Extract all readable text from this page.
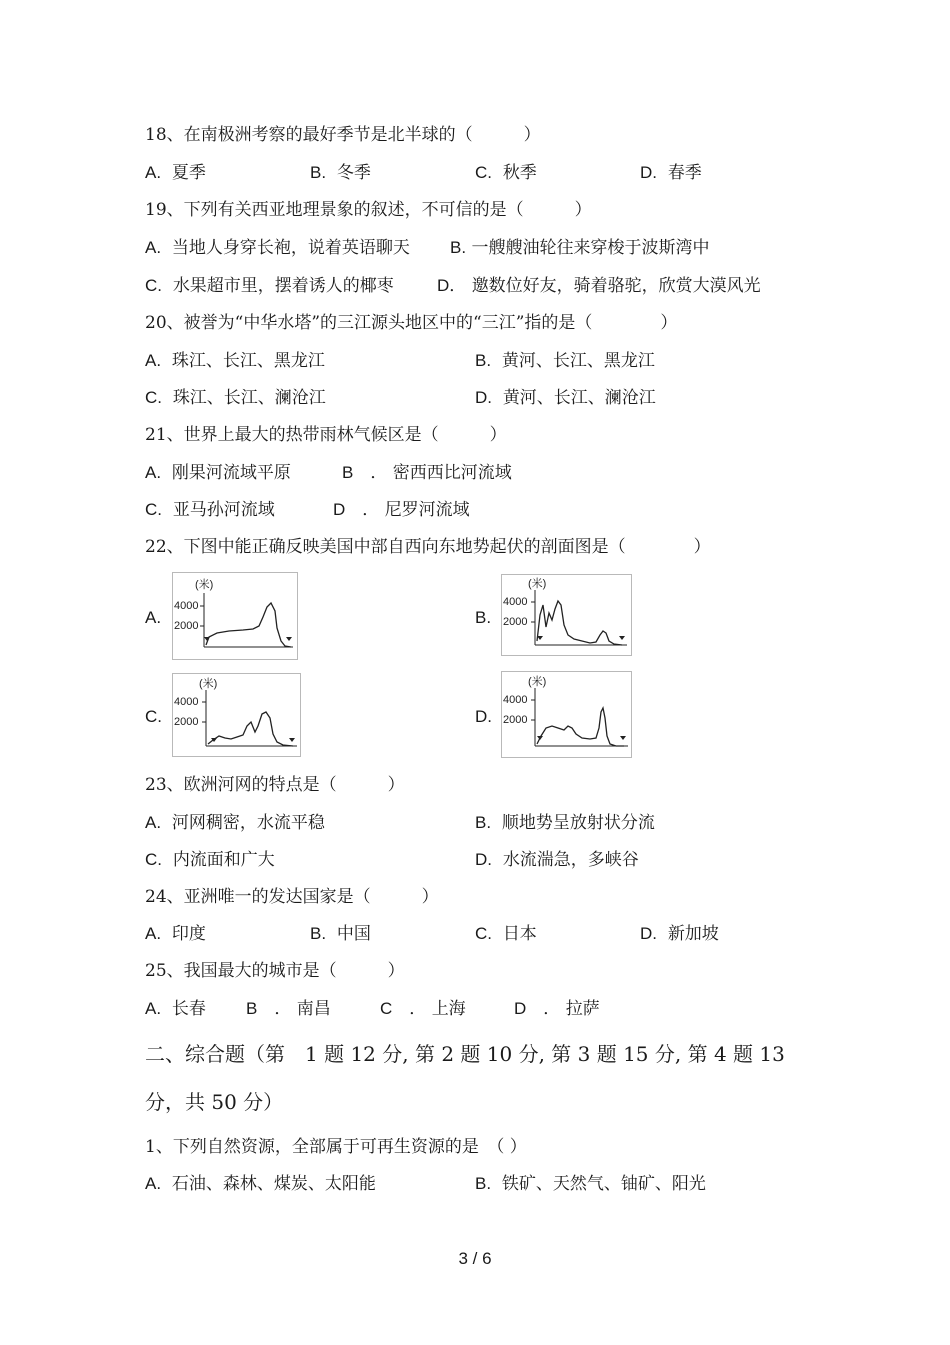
18、在南极洲考察的最好季节是北半球的（　　　）
A. 夏季	B. 冬季	C. 秋季	D. 春季
19、下列有关西亚地理景象的叙述，不可信的是（　　　）
A. 当地人身穿长袍，说着英语聊天 B. 一艘艘油轮往来穿梭于波斯湾中
C. 水果超市里，摆着诱人的椰枣	D． 邀数位好友，骑着骆驼，欣赏大漠风光
20、被誉为“中华水塔”的三江源头地区中的“三江”指的是（　　　　）
A. 珠江、长江、黑龙江	B. 黄河、长江、黑龙江
C. 珠江、长江、澜沧江	D. 黄河、长江、澜沧江
21、世界上最大的热带雨林气候区是（　　　）
A. 刚果河流域平原	B　． 密西西比河流域
C. 亚马孙河流域	D　． 尼罗河流域
22、下图中能正确反映美国中部自西向东地势起伏的剖面图是（　　　　）
A.
(米)
4000
2000	B.
(米)
4000
2000
C.
(米)
4000
2000	D.
(米)
4000
2000
23、欧洲河网的特点是（　　　）
A. 河网稠密，水流平稳	B. 顺地势呈放射状分流
C. 内流面和广大	D. 水流湍急，多峡谷
24、亚洲唯一的发达国家是（　　　）
A. 印度	B. 中国	C. 日本	D. 新加坡
25、我国最大的城市是（　　　）
A. 长春 B　． 南昌	C　． 上海	D　． 拉萨
二、综合题（第　1 题 12 分, 第 2 题 10 分, 第 3 题 15 分, 第 4 题 13
分，共 50 分）
1、下列自然资源，全部属于可再生资源的是　（ ）
A. 石油、森林、煤炭、太阳能	B. 铁矿、天然气、铀矿、阳光
3 / 6
